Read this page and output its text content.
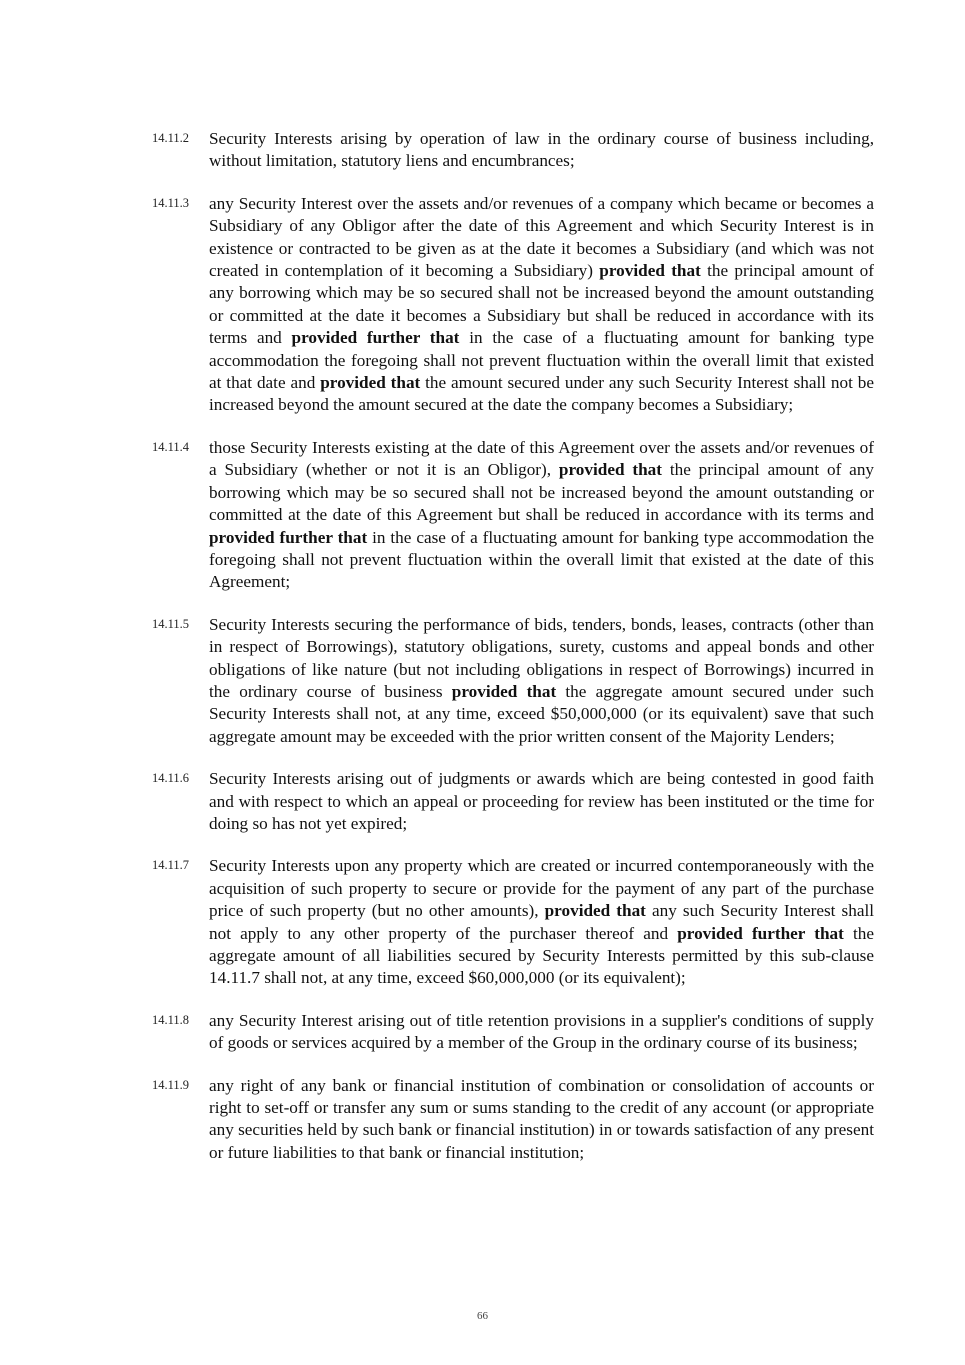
14.11.2 Security Interests arising by operation of law in the ordinary course of business including, without limitation, statutory liens and encumbrances;

14.11.3 any Security Interest over the assets and/or revenues of a company which became or becomes a Subsidiary of any Obligor after the date of this Agreement and which Security Interest is in existence or contracted to be given as at the date it becomes a Subsidiary (and which was not created in contemplation of it becoming a Subsidiary) provided that the principal amount of any borrowing which may be so secured shall not be increased beyond the amount outstanding or committed at the date it becomes a Subsidiary but shall be reduced in accordance with its terms and provided further that in the case of a fluctuating amount for banking type accommodation the foregoing shall not prevent fluctuation within the overall limit that existed at that date and provided that the amount secured under any such Security Interest shall not be increased beyond the amount secured at the date the company becomes a Subsidiary;

14.11.4 those Security Interests existing at the date of this Agreement over the assets and/or revenues of a Subsidiary (whether or not it is an Obligor), provided that the principal amount of any borrowing which may be so secured shall not be increased beyond the amount outstanding or committed at the date of this Agreement but shall be reduced in accordance with its terms and provided further that in the case of a fluctuating amount for banking type accommodation the foregoing shall not prevent fluctuation within the overall limit that existed at the date of this Agreement;

14.11.5 Security Interests securing the performance of bids, tenders, bonds, leases, contracts (other than in respect of Borrowings), statutory obligations, surety, customs and appeal bonds and other obligations of like nature (but not including obligations in respect of Borrowings) incurred in the ordinary course of business provided that the aggregate amount secured under such Security Interests shall not, at any time, exceed $50,000,000 (or its equivalent) save that such aggregate amount may be exceeded with the prior written consent of the Majority Lenders;

14.11.6 Security Interests arising out of judgments or awards which are being contested in good faith and with respect to which an appeal or proceeding for review has been instituted or the time for doing so has not yet expired;

14.11.7 Security Interests upon any property which are created or incurred contemporaneously with the acquisition of such property to secure or provide for the payment of any part of the purchase price of such property (but no other amounts), provided that any such Security Interest shall not apply to any other property of the purchaser thereof and provided further that the aggregate amount of all liabilities secured by Security Interests permitted by this sub-clause 14.11.7 shall not, at any time, exceed $60,000,000 (or its equivalent);

14.11.8 any Security Interest arising out of title retention provisions in a supplier's conditions of supply of goods or services acquired by a member of the Group in the ordinary course of its business;

14.11.9 any right of any bank or financial institution of combination or consolidation of accounts or right to set-off or transfer any sum or sums standing to the credit of any account (or appropriate any securities held by such bank or financial institution) in or towards satisfaction of any present or future liabilities to that bank or financial institution;

66
